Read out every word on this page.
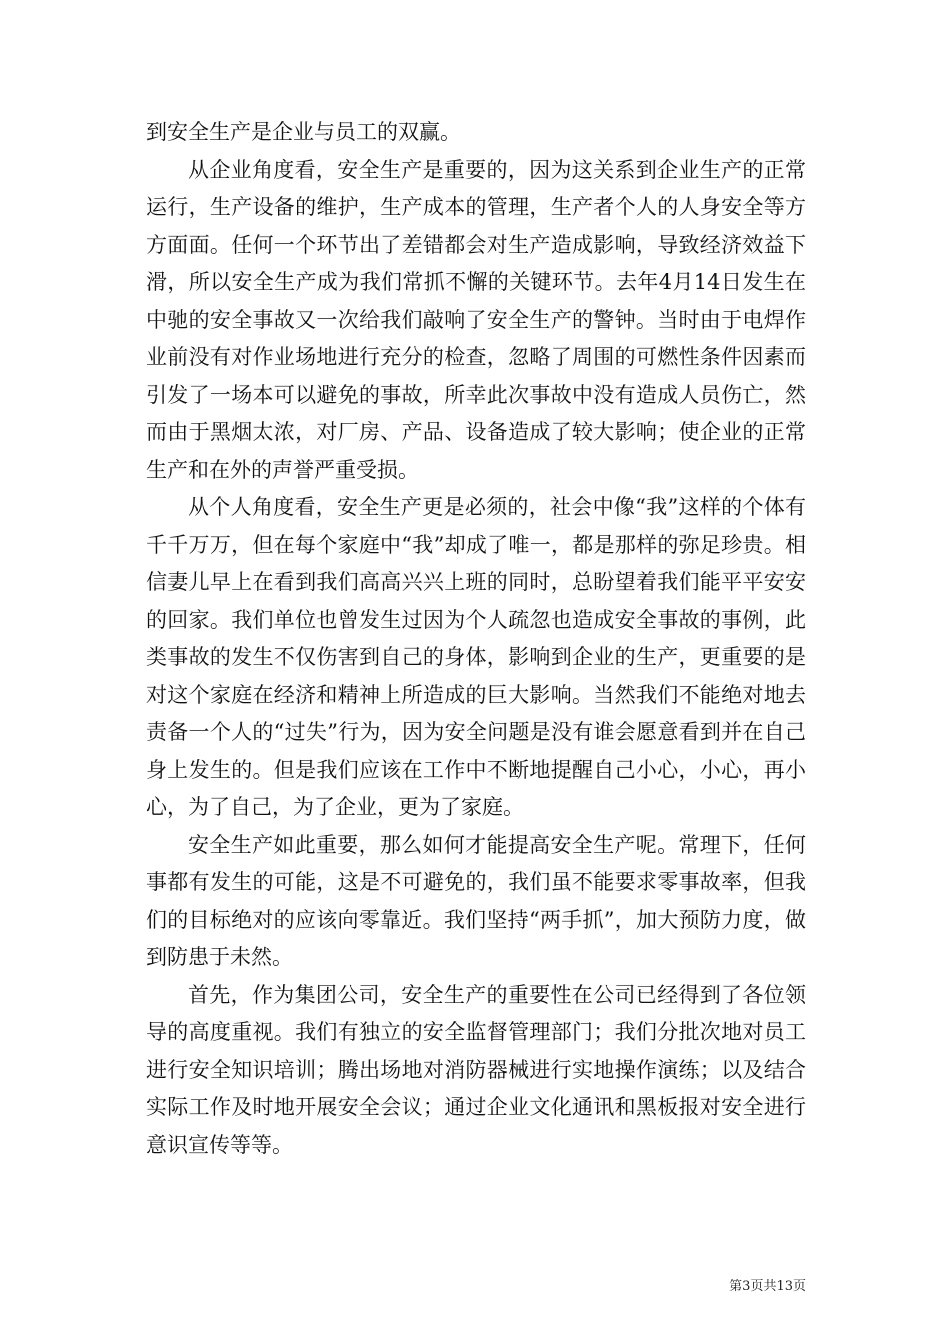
到安全生产是企业与员工的双赢。

从企业角度看，安全生产是重要的，因为这关系到企业生产的正常运行，生产设备的维护，生产成本的管理，生产者个人的人身安全等方方面面。任何一个环节出了差错都会对生产造成影响，导致经济效益下滑，所以安全生产成为我们常抓不懈的关键环节。去年4月14日发生在中驰的安全事故又一次给我们敲响了安全生产的警钟。当时由于电焊作业前没有对作业场地进行充分的检查，忽略了周围的可燃性条件因素而引发了一场本可以避免的事故，所幸此次事故中没有造成人员伤亡，然而由于黑烟太浓，对厂房、产品、设备造成了较大影响；使企业的正常生产和在外的声誉严重受损。

从个人角度看，安全生产更是必须的，社会中像“我”这样的个体有千千万万，但在每个家庭中“我”却成了唯一，都是那样的弥足珍贵。相信妻儿早上在看到我们高高兴兴上班的同时，总盼望着我们能平平安安的回家。我们单位也曾发生过因为个人疏忽也造成安全事故的事例，此类事故的发生不仅伤害到自己的身体，影响到企业的生产，更重要的是对这个家庭在经济和精神上所造成的巨大影响。当然我们不能绝对地去责备一个人的“过失”行为，因为安全问题是没有谁会愿意看到并在自己身上发生的。但是我们应该在工作中不断地提醒自己小心，小心，再小心，为了自己，为了企业，更为了家庭。

安全生产如此重要，那么如何才能提高安全生产呢。常理下，任何事都有发生的可能，这是不可避免的，我们虽不能要求零事故率，但我们的目标绝对的应该向零靠近。我们坚持“两手抓”，加大预防力度，做到防患于未然。

首先，作为集团公司，安全生产的重要性在公司已经得到了各位领导的高度重视。我们有独立的安全监督管理部门；我们分批次地对员工进行安全知识培训；腾出场地对消防器械进行实地操作演练；以及结合实际工作及时地开展安全会议；通过企业文化通讯和黑板报对安全进行意识宣传等等。

第3页共13页
